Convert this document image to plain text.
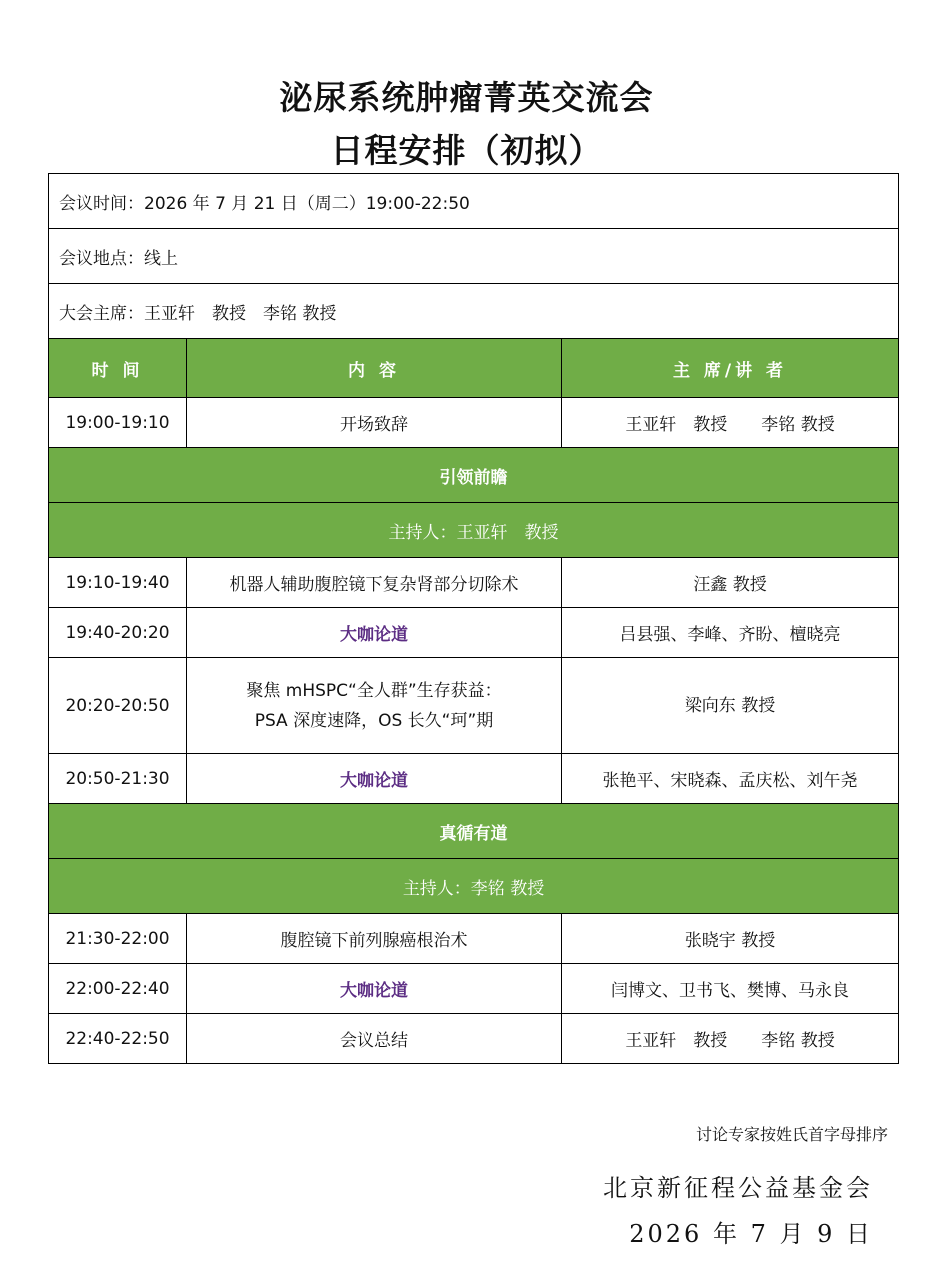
泌尿系统肿瘤菁英交流会
日程安排（初拟）
会议时间：2026 年 7 月 21 日（周二）19:00-22:50		
会议地点：线上		
大会主席：王亚轩　教授　李铭 教授		
时 间	内 容	主 席/讲 者
19:00-19:10	开场致辞	王亚轩　教授　　李铭 教授
引领前瞻		
主持人：王亚轩　教授		
19:10-19:40	机器人辅助腹腔镜下复杂肾部分切除术	汪鑫 教授
19:40-20:20	大咖论道	吕县强、李峰、齐盼、檀晓亮
20:20-20:50	聚焦 mHSPC“全人群”生存获益：
PSA 深度速降，OS 长久“珂”期	梁向东 教授
20:50-21:30	大咖论道	张艳平、宋晓森、孟庆松、刘午尧
真循有道		
主持人：李铭 教授		
21:30-22:00	腹腔镜下前列腺癌根治术	张晓宇 教授
22:00-22:40	大咖论道	闫博文、卫书飞、樊博、马永良
22:40-22:50	会议总结	王亚轩　教授　　李铭 教授
讨论专家按姓氏首字母排序
北京新征程公益基金会
2026 年 7 月 9 日
